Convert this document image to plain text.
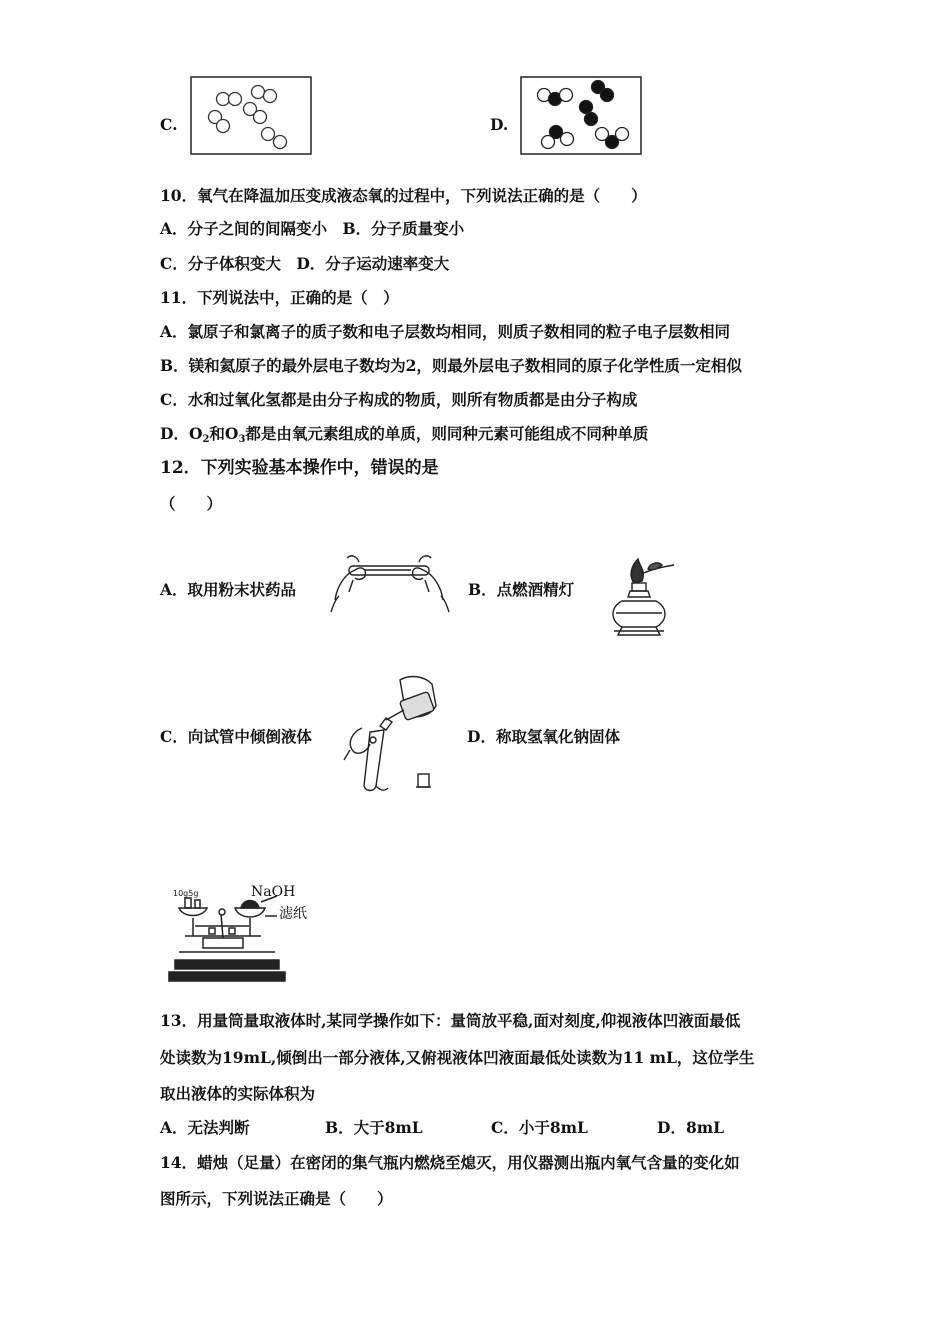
C.	D.
10．氧气在降温加压变成液态氧的过程中，下列说法正确的是（　　）
A．分子之间的间隔变小　B．分子质量变小
C．分子体积变大　D．分子运动速率变大
11．下列说法中，正确的是（　）
A．氯原子和氯离子的质子数和电子层数均相同，则质子数相同的粒子电子层数相同
B．镁和氦原子的最外层电子数均为2，则最外层电子数相同的原子化学性质一定相似
C．水和过氧化氢都是由分子构成的物质，则所有物质都是由分子构成
D．$O_2$和$O_3$都是由氧元素组成的单质，则同种元素可能组成不同种单质
12．下列实验基本操作中，错误的是
（　　）
A．取用粉末状药品	B．点燃酒精灯
C．向试管中倾倒液体	D．称取氢氧化钠固体
10g5g	NaOH
滤纸
13．用量筒量取液体时,某同学操作如下：量筒放平稳,面对刻度,仰视液体凹液面最低
处读数为19mL,倾倒出一部分液体,又俯视液体凹液面最低处读数为11 mL，这位学生
取出液体的实际体积为
A．无法判断	B．大于8mL	C．小于8mL	D．8mL
14．蜡烛（足量）在密闭的集气瓶内燃烧至熄灭，用仪器测出瓶内氧气含量的变化如
图所示，下列说法正确是（　　）
